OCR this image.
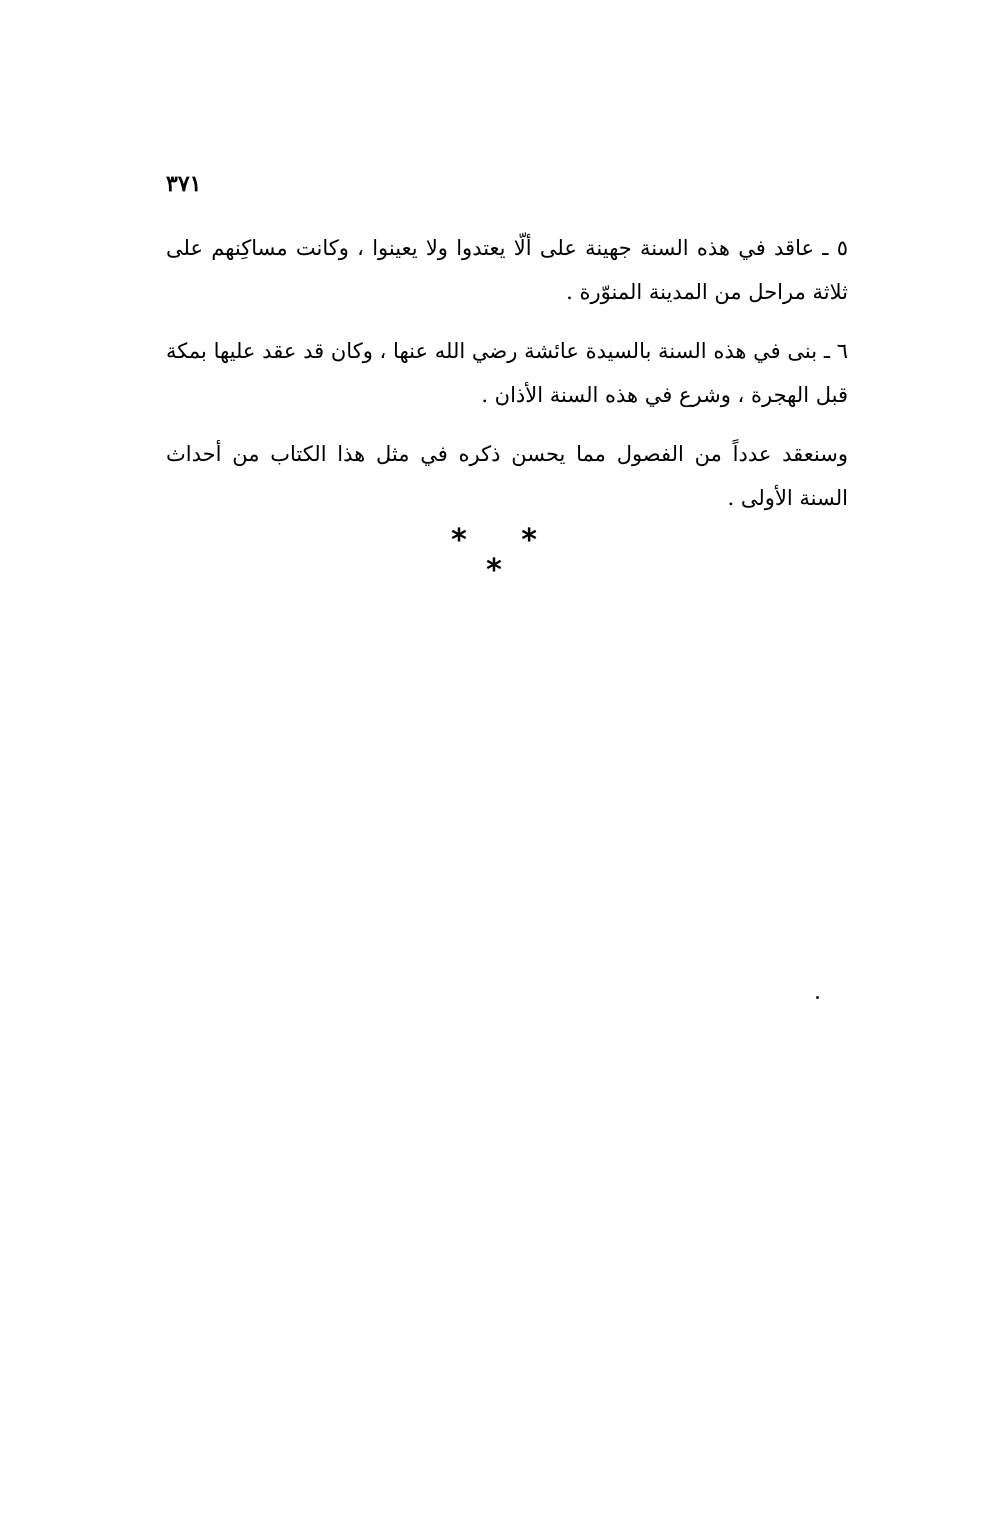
٣٧١

٥ ـ عاقد في هذه السنة جهينة على ألّا يعتدوا ولا يعينوا ، وكانت مساكِنهم على ثلاثة مراحل من المدينة المنوّرة .

٦ ـ بنى في هذه السنة بالسيدة عائشة رضي الله عنها ، وكان قد عقد عليها بمكة قبل الهجرة ، وشرع في هذه السنة الأذان .

وسنعقد عدداً من الفصول مما يحسن ذكره في مثل هذا الكتاب من أحداث السنة الأولى .

* * *
